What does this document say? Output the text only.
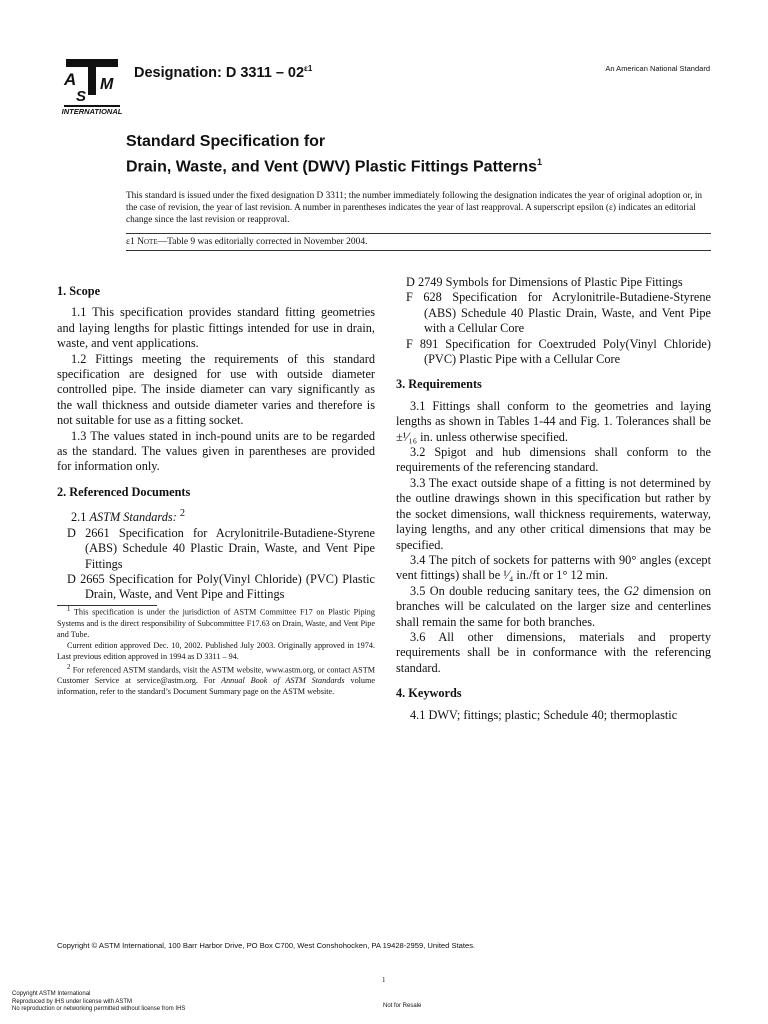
A
S
M
INTERNATIONAL
Designation: D $3311 - 02^{\varepsilon 1}$	An American National Standard
Standard Specification for
Drain, Waste, and Vent (DWV) Plastic Fittings Patterns$^1$
This standard is issued under the fixed designation D 3311; the number immediately following the designation indicates the year of original adoption or, in the case of revision, the year of last revision. A number in parentheses indicates the year of last reapproval. A superscript epsilon (ε) indicates an editorial change since the last revision or reapproval.
ε1 Note—Table 9 was editorially corrected in November 2004.
1. Scope

1.1 This specification provides standard fitting geometries and laying lengths for plastic fittings intended for use in drain, waste, and vent applications.

1.2 Fittings meeting the requirements of this standard specification are designed for use with outside diameter controlled pipe. The inside diameter can vary significantly as the wall thickness and outside diameter varies and therefore is not suitable for use as a fitting socket.

1.3 The values stated in inch-pound units are to be regarded as the standard. The values given in parentheses are provided for information only.

2. Referenced Documents

2.1 ASTM Standards: $^2$

D 2661 Specification for Acrylonitrile-Butadiene-Styrene (ABS) Schedule 40 Plastic Drain, Waste, and Vent Pipe Fittings

D 2665 Specification for Poly(Vinyl Chloride) (PVC) Plastic Drain, Waste, and Vent Pipe and Fittings

$^1$ This specification is under the jurisdiction of ASTM Committee F17 on Plastic Piping Systems and is the direct responsibility of Subcommittee F17.63 on Drain, Waste, and Vent Pipe and Tube.

Current edition approved Dec. 10, 2002. Published July 2003. Originally approved in 1974. Last previous edition approved in 1994 as D 3311 – 94.

$^2$ For referenced ASTM standards, visit the ASTM website, www.astm.org, or contact ASTM Customer Service at service@astm.org. For Annual Book of ASTM Standards volume information, refer to the standard’s Document Summary page on the ASTM website.

D 2749 Symbols for Dimensions of Plastic Pipe Fittings

F 628 Specification for Acrylonitrile-Butadiene-Styrene (ABS) Schedule 40 Plastic Drain, Waste, and Vent Pipe with a Cellular Core

F 891 Specification for Coextruded Poly(Vinyl Chloride) (PVC) Plastic Pipe with a Cellular Core

3. Requirements

3.1 Fittings shall conform to the geometries and laying lengths as shown in Tables 1-44 and Fig. 1. Tolerances shall be ±¹⁄₁₆ in. unless otherwise specified.

3.2 Spigot and hub dimensions shall conform to the requirements of the referencing standard.

3.3 The exact outside shape of a fitting is not determined by the outline drawings shown in this specification but rather by the socket dimensions, wall thickness requirements, waterway, laying lengths, and any other critical dimensions that may be specified.

3.4 The pitch of sockets for patterns with 90° angles (except vent fittings) shall be ¹⁄₄ in./ft or 1° 12 min.

3.5 On double reducing sanitary tees, the G2 dimension on branches will be calculated on the larger size and centerlines shall remain the same for both branches.

3.6 All other dimensions, materials and property requirements shall be in conformance with the referencing standard.

4. Keywords

4.1 DWV; fittings; plastic; Schedule 40; thermoplastic

Copyright © ASTM International, 100 Barr Harbor Drive, PO Box C700, West Conshohocken, PA 19428-2959, United States.
1
Copyright ASTM International
Reproduced by IHS under license with ASTM
No reproduction or networking permitted without license from IHS	Not for Resale
